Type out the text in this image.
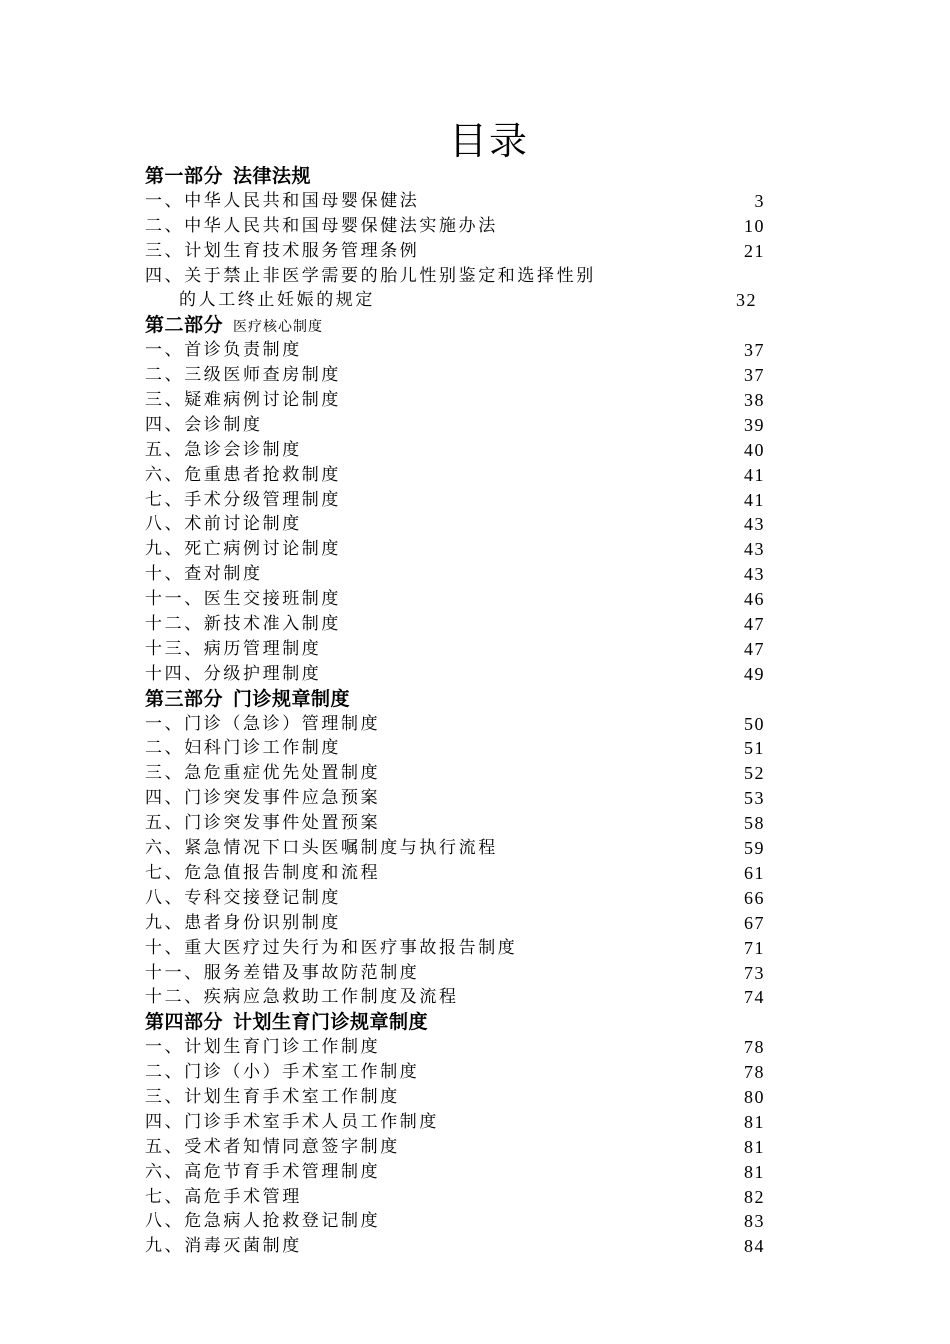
目录
第一部分 法律法规
一、中华人民共和国母婴保健法	3
二、中华人民共和国母婴保健法实施办法	10
三、计划生育技术服务管理条例	21
四、关于禁止非医学需要的胎儿性别鉴定和选择性别
的人工终止妊娠的规定	32
第二部分 医疗核心制度
一、首诊负责制度	37
二、三级医师查房制度	37
三、疑难病例讨论制度	38
四、会诊制度	39
五、急诊会诊制度	40
六、危重患者抢救制度	41
七、手术分级管理制度	41
八、术前讨论制度	43
九、死亡病例讨论制度	43
十、查对制度	43
十一、医生交接班制度	46
十二、新技术准入制度	47
十三、病历管理制度	47
十四、分级护理制度	49
第三部分 门诊规章制度
一、门诊（急诊）管理制度	50
二、妇科门诊工作制度	51
三、急危重症优先处置制度	52
四、门诊突发事件应急预案	53
五、门诊突发事件处置预案	58
六、紧急情况下口头医嘱制度与执行流程	59
七、危急值报告制度和流程	61
八、专科交接登记制度	66
九、患者身份识别制度	67
十、重大医疗过失行为和医疗事故报告制度	71
十一、服务差错及事故防范制度	73
十二、疾病应急救助工作制度及流程	74
第四部分 计划生育门诊规章制度
一、计划生育门诊工作制度	78
二、门诊（小）手术室工作制度	78
三、计划生育手术室工作制度	80
四、门诊手术室手术人员工作制度	81
五、受术者知情同意签字制度	81
六、高危节育手术管理制度	81
七、高危手术管理	82
八、危急病人抢救登记制度	83
九、消毒灭菌制度	84
